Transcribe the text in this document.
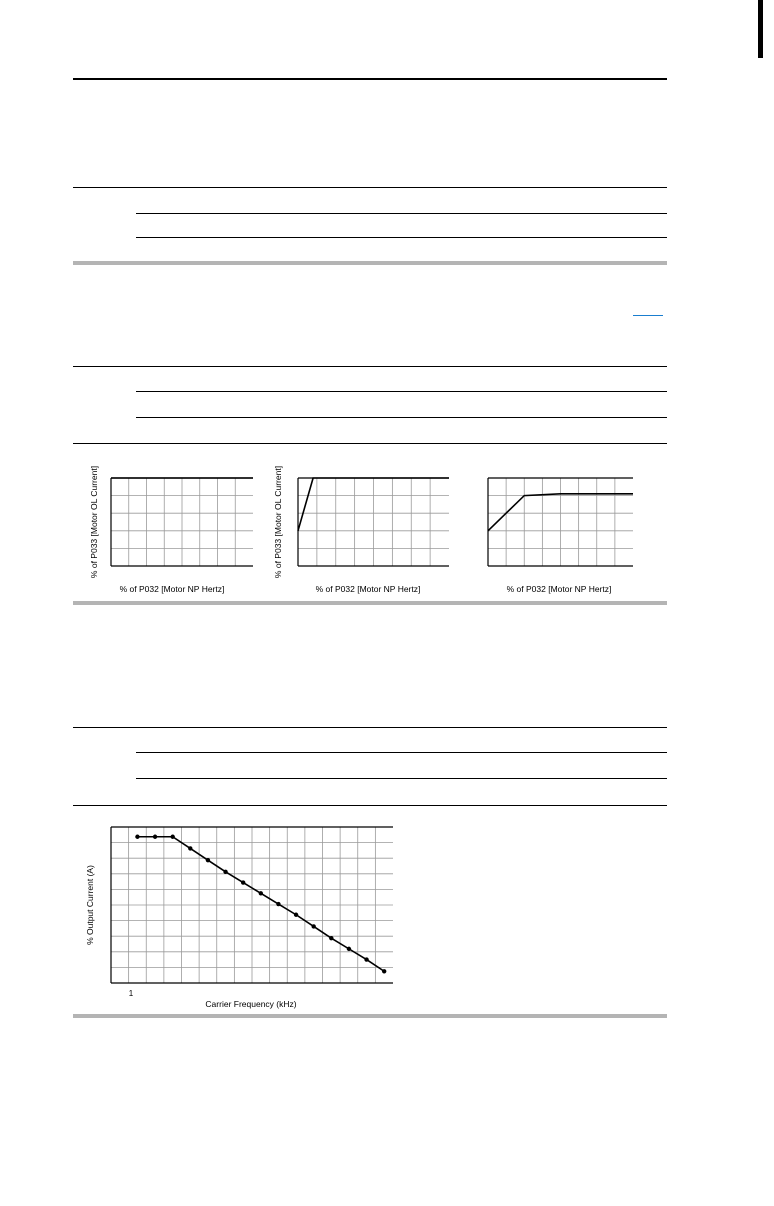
% of P032 [Motor NP Hertz]
% of P033 [Motor OL Current]
% of P032 [Motor NP Hertz]
% of P033 [Motor OL Current]
% of P032 [Motor NP Hertz]
1
Carrier Frequency (kHz)
% Output Current (A)
